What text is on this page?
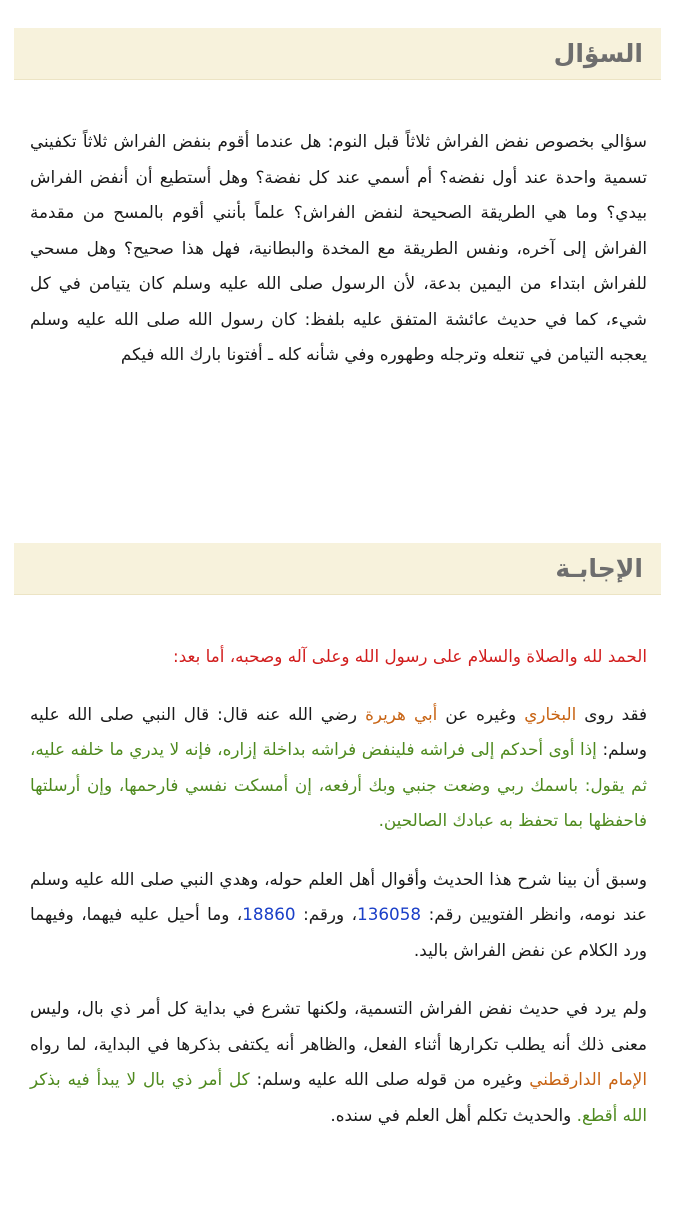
السؤال
سؤالي بخصوص نفض الفراش ثلاثاً قبل النوم: هل عندما أقوم بنفض الفراش ثلاثاً تكفيني تسمية واحدة عند أول نفضه؟ أم أسمي عند كل نفضة؟ وهل أستطيع أن أنفض الفراش بيدي؟ وما هي الطريقة الصحيحة لنفض الفراش؟ علماً بأنني أقوم بالمسح من مقدمة الفراش إلى آخره، ونفس الطريقة مع المخدة والبطانية، فهل هذا صحيح؟ وهل مسحي للفراش ابتداء من اليمين بدعة، لأن الرسول صلى الله عليه وسلم كان يتيامن في كل شيء، كما في حديث عائشة المتفق عليه بلفظ: كان رسول الله صلى الله عليه وسلم يعجبه التيامن في تنعله وترجله وطهوره وفي شأنه كله ـ أفتونا بارك الله فيكم
الإجابـة

الحمد لله والصلاة والسلام على رسول الله وعلى آله وصحبه، أما بعد:

فقد روى البخاري وغيره عن أبي هريرة رضي الله عنه قال: قال النبي صلى الله عليه وسلم: إذا أوى أحدكم إلى فراشه فلينفض فراشه بداخلة إزاره، فإنه لا يدري ما خلفه عليه، ثم يقول: باسمك ربي وضعت جنبي وبك أرفعه، إن أمسكت نفسي فارحمها، وإن أرسلتها فاحفظها بما تحفظ به عبادك الصالحين.

وسبق أن بينا شرح هذا الحديث وأقوال أهل العلم حوله، وهدي النبي صلى الله عليه وسلم عند نومه، وانظر الفتويين رقم: 136058، ورقم: 18860، وما أحيل عليه فيهما، وفيهما ورد الكلام عن نفض الفراش باليد.

ولم يرد في حديث نفض الفراش التسمية، ولكنها تشرع في بداية كل أمر ذي بال، وليس معنى ذلك أنه يطلب تكرارها أثناء الفعل، والظاهر أنه يكتفى بذكرها في البداية، لما رواه الإمام الدارقطني وغيره من قوله صلى الله عليه وسلم: كل أمر ذي بال لا يبدأ فيه بذكر الله أقطع. والحديث تكلم أهل العلم في سنده.
